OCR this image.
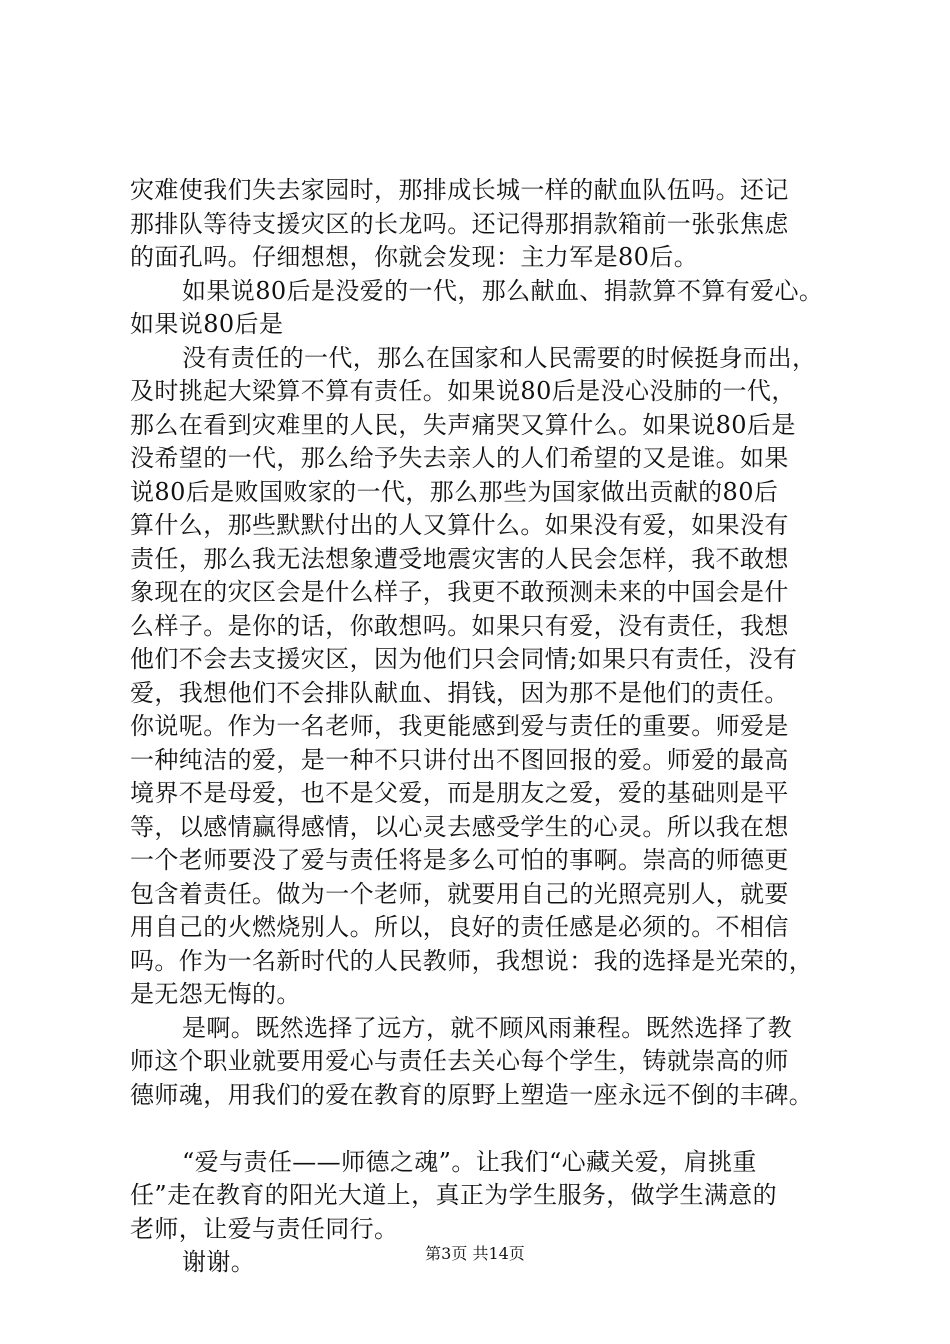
灾难使我们失去家园时，那排成长城一样的献血队伍吗。还记
那排队等待支援灾区的长龙吗。还记得那捐款箱前一张张焦虑
的面孔吗。仔细想想，你就会发现：主力军是80后。
如果说80后是没爱的一代，那么献血、捐款算不算有爱心。
如果说80后是
没有责任的一代，那么在国家和人民需要的时候挺身而出，
及时挑起大梁算不算有责任。如果说80后是没心没肺的一代，
那么在看到灾难里的人民，失声痛哭又算什么。如果说80后是
没希望的一代，那么给予失去亲人的人们希望的又是谁。如果
说80后是败国败家的一代，那么那些为国家做出贡献的80后
算什么，那些默默付出的人又算什么。如果没有爱，如果没有
责任，那么我无法想象遭受地震灾害的人民会怎样，我不敢想
象现在的灾区会是什么样子，我更不敢预测未来的中国会是什
么样子。是你的话，你敢想吗。如果只有爱，没有责任，我想
他们不会去支援灾区，因为他们只会同情;如果只有责任，没有
爱，我想他们不会排队献血、捐钱，因为那不是他们的责任。
你说呢。作为一名老师，我更能感到爱与责任的重要。师爱是
一种纯洁的爱，是一种不只讲付出不图回报的爱。师爱的最高
境界不是母爱，也不是父爱，而是朋友之爱，爱的基础则是平
等，以感情赢得感情，以心灵去感受学生的心灵。所以我在想
一个老师要没了爱与责任将是多么可怕的事啊。崇高的师德更
包含着责任。做为一个老师，就要用自己的光照亮别人，就要
用自己的火燃烧别人。所以，良好的责任感是必须的。不相信
吗。作为一名新时代的人民教师，我想说：我的选择是光荣的，
是无怨无悔的。
是啊。既然选择了远方，就不顾风雨兼程。既然选择了教
师这个职业就要用爱心与责任去关心每个学生，铸就崇高的师
德师魂，用我们的爱在教育的原野上塑造一座永远不倒的丰碑。
“爱与责任——师德之魂”。让我们“心藏关爱，肩挑重
任”走在教育的阳光大道上，真正为学生服务，做学生满意的
老师，让爱与责任同行。
谢谢。	第3页 共14页
